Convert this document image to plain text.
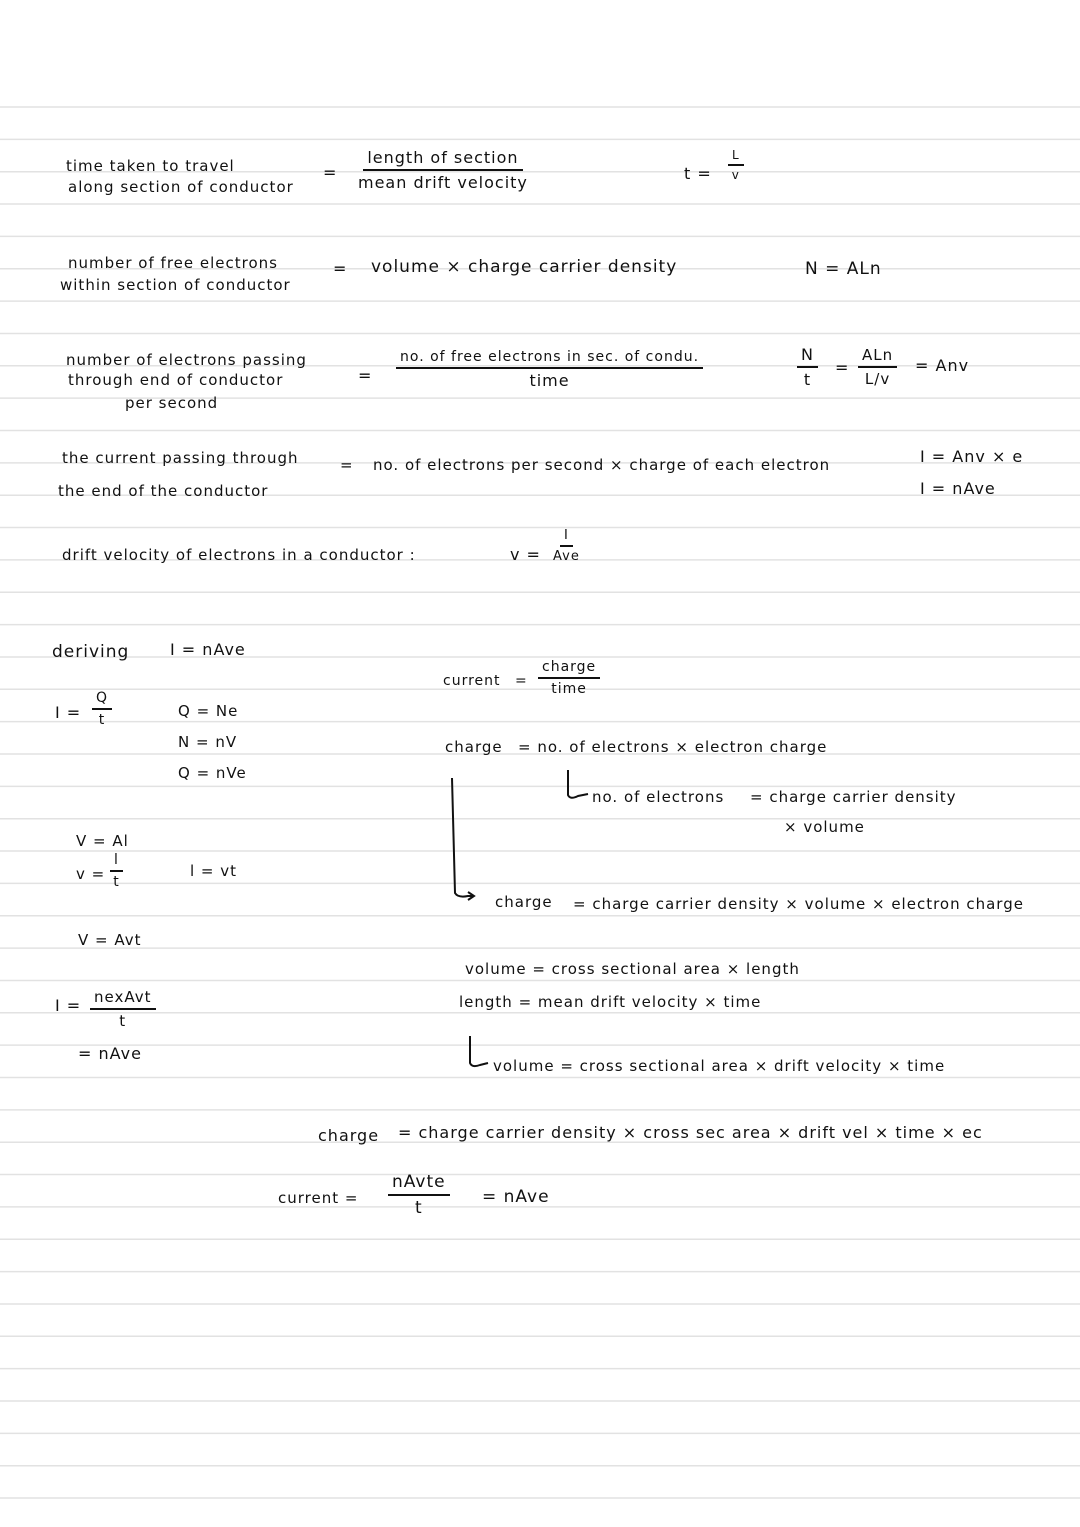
time taken to travel
along section of conductor
=
length of section
mean drift velocity	$t = \frac{L}{v}$
number of free electrons
within section of conductor
= volume × charge carrier density	N = ALn
number of electrons passing
through end of conductor
per second
=
no. of free electrons in sec. of condu.
time	$\frac{N}{t}$ =
ALn
L/v
= Anv
the current passing through
the end of the conductor
= no. of electrons per second × charge of each electron	I = Anv × e
I = nAve
drift velocity of electrons in a conductor :	v =
I
Ave
deriving	I = nAve
$I = \frac{Q}{t}$	Q = Ne
N = nV
Q = nVe
V = Al
$v = \frac{l}{t}$	l = vt
V = Avt
I = nexAvt
t
= nAve
current =
charge
time
charge = no. of electrons × electron charge
no. of electrons = charge carrier density
× volume
charge = charge carrier density × volume × electron charge
volume = cross sectional area × length
length = mean drift velocity × time
volume = cross sectional area × drift velocity × time
charge = charge carrier density × cross sec area × drift vel × time × ec
current =
nAvte
t
= nAve
